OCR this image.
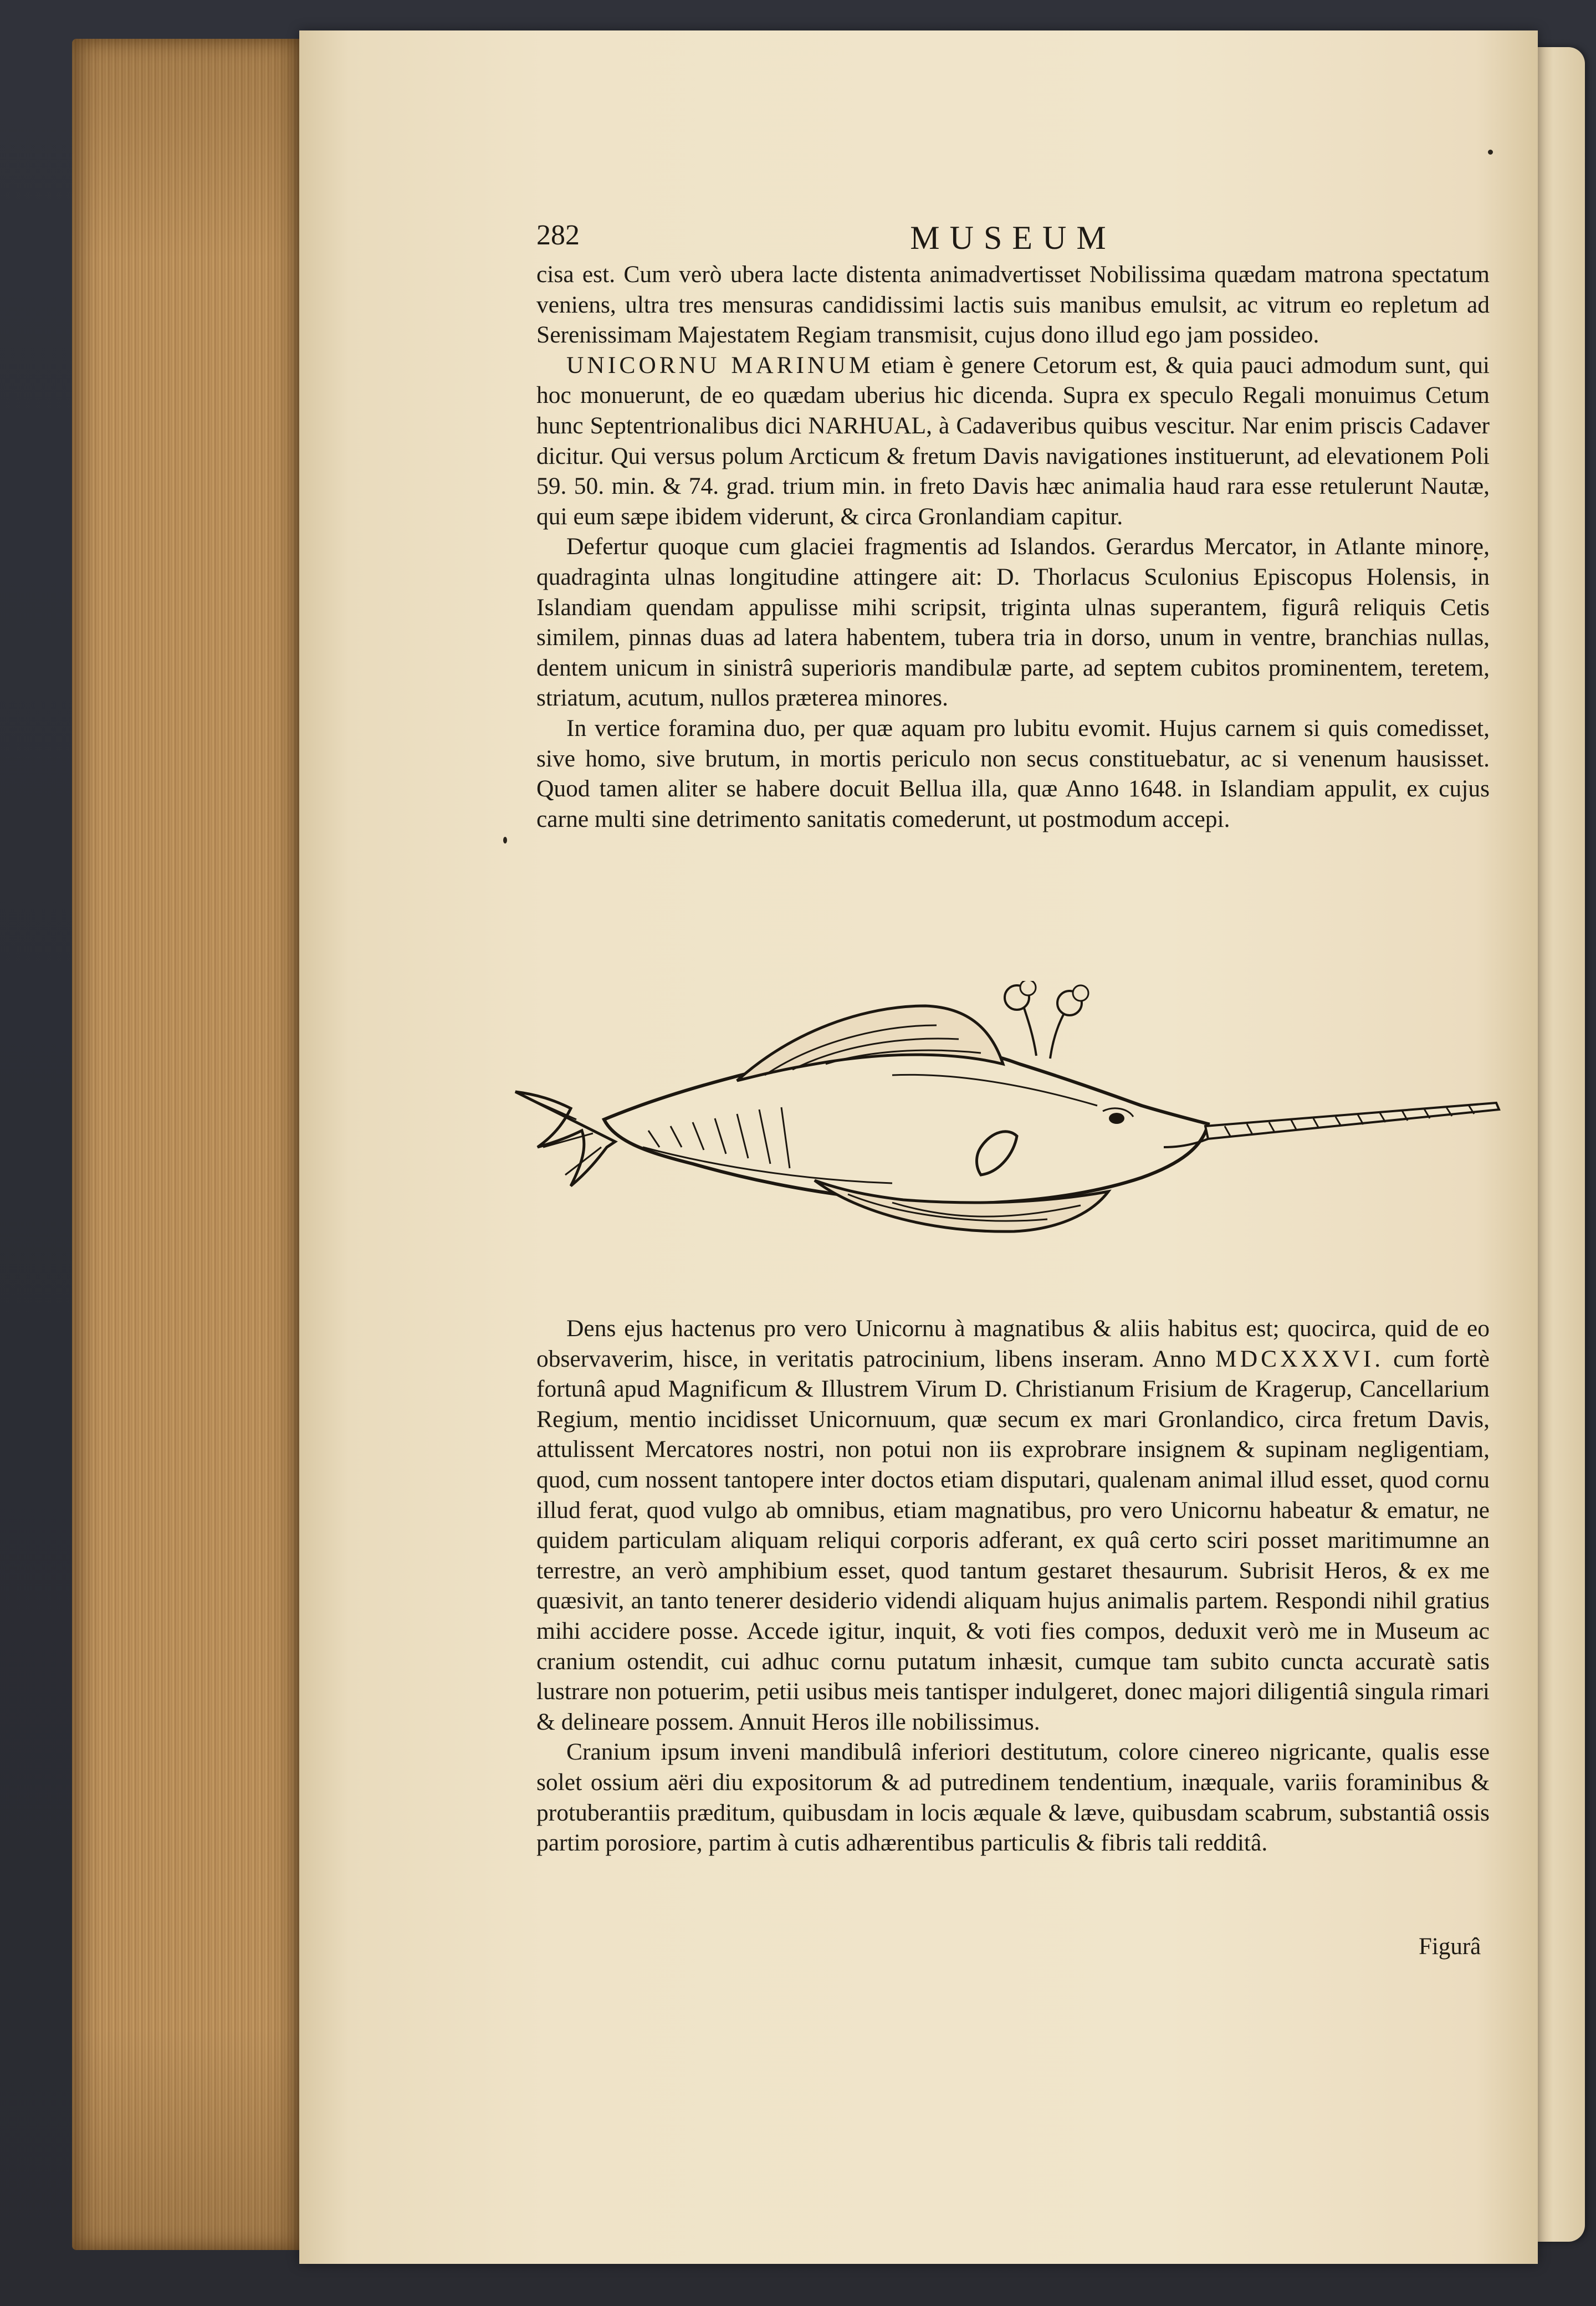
282	MUSEUM

cisa est. Cum verò ubera lacte distenta animadvertisset Nobilissima quædam matrona spectatum veniens, ultra tres mensuras candidissimi lactis suis manibus emulsit, ac vitrum eo repletum ad Serenissimam Majestatem Regiam transmisit, cujus dono illud ego jam possideo.

UNICORNU MARINUM etiam è genere Cetorum est, & quia pauci admodum sunt, qui hoc monuerunt, de eo quædam uberius hic dicenda. Supra ex speculo Regali monuimus Cetum hunc Septentrionalibus dici NARHUAL, à Cadaveribus quibus vescitur. Nar enim priscis Cadaver dicitur. Qui versus polum Arcticum & fretum Davis navigationes instituerunt, ad elevationem Poli 59. 50. min. & 74. grad. trium min. in freto Davis hæc animalia haud rara esse retulerunt Nautæ, qui eum sæpe ibidem viderunt, & circa Gronlandiam capitur.

Defertur quoque cum glaciei fragmentis ad Islandos. Gerardus Mercator, in Atlante minore, quadraginta ulnas longitudine attingere ait: D. Thorlacus Sculonius Episcopus Holensis, in Islandiam quendam appulisse mihi scripsit, triginta ulnas superantem, figurâ reliquis Cetis similem, pinnas duas ad latera habentem, tubera tria in dorso, unum in ventre, branchias nullas, dentem unicum in sinistrâ superioris mandibulæ parte, ad septem cubitos prominentem, teretem, striatum, acutum, nullos præterea minores.

In vertice foramina duo, per quæ aquam pro lubitu evomit. Hujus carnem si quis comedisset, sive homo, sive brutum, in mortis periculo non secus constituebatur, ac si venenum hausisset. Quod tamen aliter se habere docuit Bellua illa, quæ Anno 1648. in Islandiam appulit, ex cujus carne multi sine detrimento sanitatis comederunt, ut postmodum accepi.

Dens ejus hactenus pro vero Unicornu à magnatibus & aliis habitus est; quocirca, quid de eo observaverim, hisce, in veritatis patrocinium, libens inseram. Anno MDCXXXVI. cum fortè fortunâ apud Magnificum & Illustrem Virum D. Christianum Frisium de Kragerup, Cancellarium Regium, mentio incidisset Unicornuum, quæ secum ex mari Gronlandico, circa fretum Davis, attulissent Mercatores nostri, non potui non iis exprobrare insignem & supinam negligentiam, quod, cum nossent tantopere inter doctos etiam disputari, qualenam animal illud esset, quod cornu illud ferat, quod vulgo ab omnibus, etiam magnatibus, pro vero Unicornu habeatur & ematur, ne quidem particulam aliquam reliqui corporis adferant, ex quâ certo sciri posset maritimumne an terrestre, an verò amphibium esset, quod tantum gestaret thesaurum. Subrisit Heros, & ex me quæsivit, an tanto tenerer desiderio videndi aliquam hujus animalis partem. Respondi nihil gratius mihi accidere posse. Accede igitur, inquit, & voti fies compos, deduxit verò me in Museum ac cranium ostendit, cui adhuc cornu putatum inhæsit, cumque tam subito cuncta accuratè satis lustrare non potuerim, petii usibus meis tantisper indulgeret, donec majori diligentiâ singula rimari & delineare possem. Annuit Heros ille nobilissimus.

Cranium ipsum inveni mandibulâ inferiori destitutum, colore cinereo nigricante, qualis esse solet ossium aëri diu expositorum & ad putredinem tendentium, inæquale, variis foraminibus & protuberantiis præditum, quibusdam in locis æquale & læve, quibusdam scabrum, substantiâ ossis partim porosiore, partim à cutis adhærentibus particulis & fibris tali redditâ.

Figurâ
